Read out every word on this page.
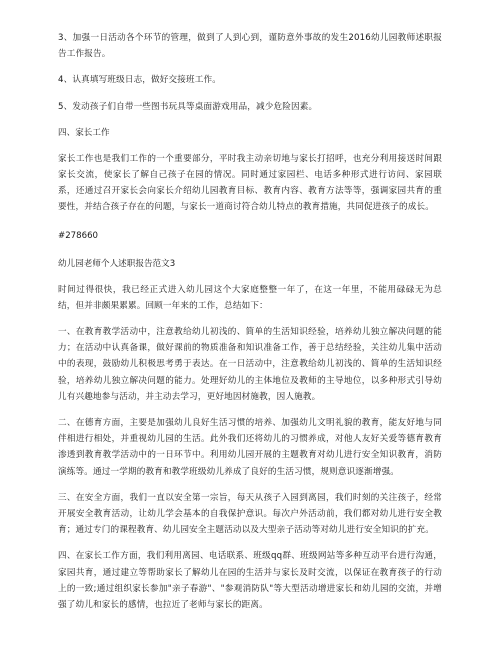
3、加强一日活动各个环节的管理，做到了人到心到，谨防意外事故的发生2016幼儿园教师述职报告工作报告。

4、认真填写班级日志，做好交接班工作。

5、发动孩子们自带一些图书玩具等桌面游戏用品，减少危险因素。

四、家长工作

家长工作也是我们工作的一个重要部分，平时我主动亲切地与家长打招呼，也充分利用接送时间跟家长交流，使家长了解自己孩子在园的情况。同时通过家园栏、电话多种形式进行访问、家园联系，还通过召开家长会向家长介绍幼儿园教育目标、教育内容、教育方法等等，强调家园共育的重要性，并结合孩子存在的问题，与家长一道商讨符合幼儿特点的教育措施，共同促进孩子的成长。

#278660

幼儿园老师个人述职报告范文3

时间过得很快，我已经正式进入幼儿园这个大家庭整整一年了，在这一年里，不能用碌碌无为总结，但并非颇果累累。回顾一年来的工作，总结如下：

一、在教育教学活动中，注意教给幼儿初浅的、简单的生活知识经验，培养幼儿独立解决问题的能力；在活动中认真备课，做好课前的物质准备和知识准备工作，善于总结经验，关注幼儿集中活动中的表现，鼓励幼儿积极思考勇于表达。在一日活动中，注意教给幼儿初浅的、简单的生活知识经验，培养幼儿独立解决问题的能力。处理好幼儿的主体地位及教师的主导地位，以多种形式引导幼儿有兴趣地参与活动，并主动去学习，更好地因材施教，因人施教。

二、在德育方面，主要是加强幼儿良好生活习惯的培养、加强幼儿文明礼貌的教育，能友好地与同伴相进行相处，并重视幼儿园的生活。此外我们还将幼儿的习惯养成，对他人友好关爱等德育教育渗透到教育教学活动中的一日环节中。利用幼儿园开展的主题教育对幼儿进行安全知识教育，消防演练等。通过一学期的教育和教学班级幼儿养成了良好的生活习惯，规则意识逐渐增强。

三、在安全方面，我们一直以安全第一宗旨，每天从孩子入园到离园，我们时刻的关注孩子，经常开展安全教育活动，让幼儿学会基本的自我保护意识。每次户外活动前，我们都对幼儿进行安全教育；通过专门的课程教育、幼儿园安全主题活动以及大型亲子活动等对幼儿进行安全知识的扩充。

四、在家长工作方面，我们利用离园、电话联系、班级qq群、班级网站等多种互动平台进行沟通，家园共育，通过建立等帮助家长了解幼儿在园的生活并与家长及时交流，以保证在教育孩子的行动上的一致;通过组织家长参加"亲子春游"、"参观消防队"等大型活动增进家长和幼儿园的交流，并增强了幼儿和家长的感情，也拉近了老师与家长的距离。
